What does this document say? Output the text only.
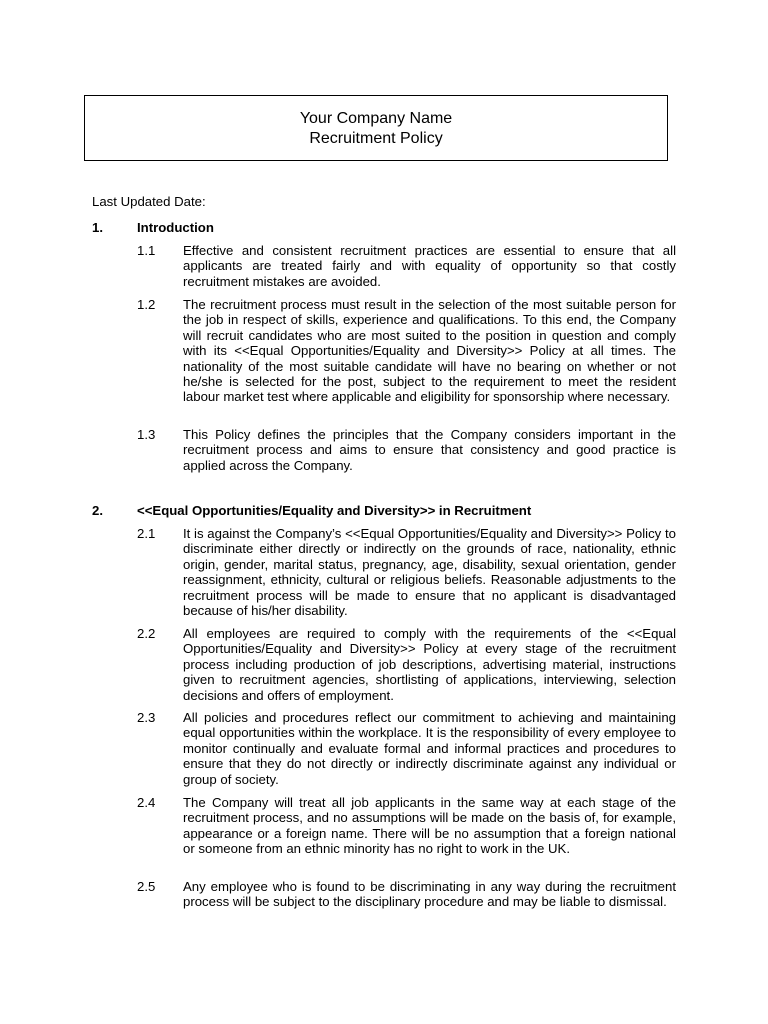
Your Company Name
Recruitment Policy
Last Updated Date:
1.	Introduction
1.1 Effective and consistent recruitment practices are essential to ensure that all applicants are treated fairly and with equality of opportunity so that costly recruitment mistakes are avoided.
1.2 The recruitment process must result in the selection of the most suitable person for the job in respect of skills, experience and qualifications. To this end, the Company will recruit candidates who are most suited to the position in question and comply with its <<Equal Opportunities/Equality and Diversity>> Policy at all times. The nationality of the most suitable candidate will have no bearing on whether or not he/she is selected for the post, subject to the requirement to meet the resident labour market test where applicable and eligibility for sponsorship where necessary.
1.3 This Policy defines the principles that the Company considers important in the recruitment process and aims to ensure that consistency and good practice is applied across the Company.
2.	<<Equal Opportunities/Equality and Diversity>> in Recruitment
2.1 It is against the Company’s <<Equal Opportunities/Equality and Diversity>> Policy to discriminate either directly or indirectly on the grounds of race, nationality, ethnic origin, gender, marital status, pregnancy, age, disability, sexual orientation, gender reassignment, ethnicity, cultural or religious beliefs. Reasonable adjustments to the recruitment process will be made to ensure that no applicant is disadvantaged because of his/her disability.
2.2 All employees are required to comply with the requirements of the <<Equal Opportunities/Equality and Diversity>> Policy at every stage of the recruitment process including production of job descriptions, advertising material, instructions given to recruitment agencies, shortlisting of applications, interviewing, selection decisions and offers of employment.
2.3 All policies and procedures reflect our commitment to achieving and maintaining equal opportunities within the workplace. It is the responsibility of every employee to monitor continually and evaluate formal and informal practices and procedures to ensure that they do not directly or indirectly discriminate against any individual or group of society.
2.4 The Company will treat all job applicants in the same way at each stage of the recruitment process, and no assumptions will be made on the basis of, for example, appearance or a foreign name. There will be no assumption that a foreign national or someone from an ethnic minority has no right to work in the UK.
2.5 Any employee who is found to be discriminating in any way during the recruitment process will be subject to the disciplinary procedure and may be liable to dismissal.
